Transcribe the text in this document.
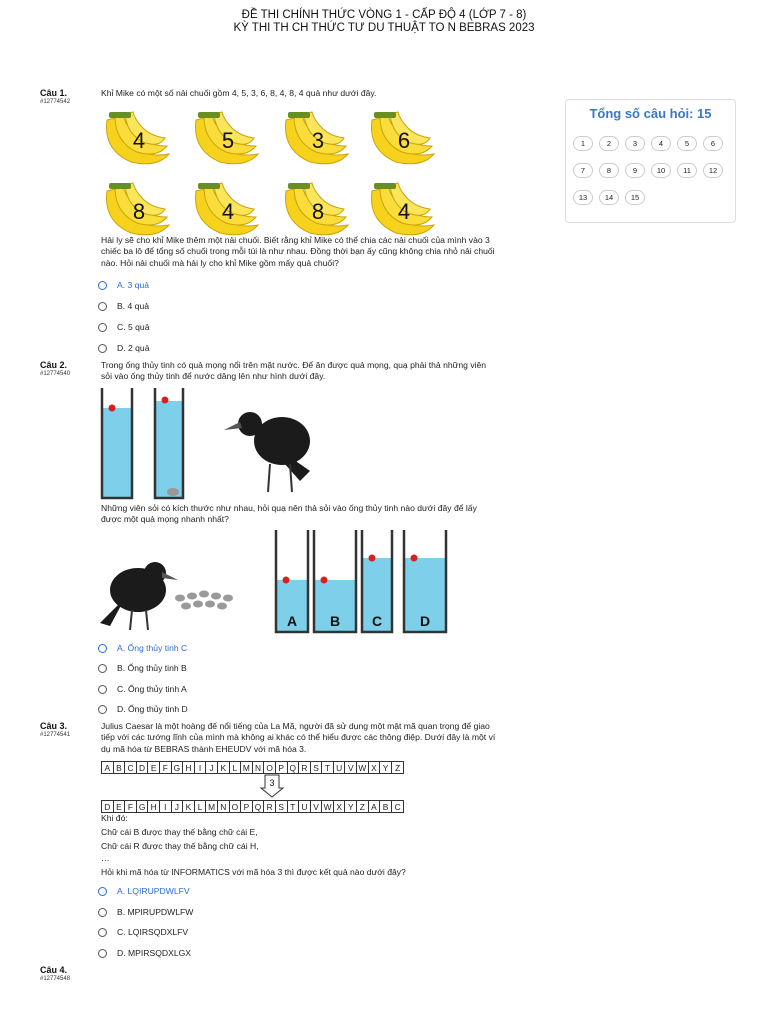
ĐỀ THI CHÍNH THỨC VÒNG 1 - CẤP ĐỘ 4 (LỚP 7 - 8)
KỲ THI TH CH THỨC TƯ DU THUẬT TO N BEBRAS 2023
Tổng số câu hỏi: 15
1	2	3	4	5	6
7	8	9	10	11	12
13	14	15
Câu 1.
#12774542
Khỉ Mike có một số nải chuối gồm 4, 5, 3, 6, 8, 4, 8, 4 quả như dưới đây.
4	5	3	6
8	4	8	4
Hải ly sẽ cho khỉ Mike thêm một nải chuối. Biết rằng khỉ Mike có thể chia các nải chuối của mình vào 3 chiếc ba lô để tổng số chuối trong mỗi túi là như nhau. Đồng thời bạn ấy cũng không chia nhỏ nải chuối nào. Hỏi nải chuối mà hải ly cho khỉ Mike gồm mấy quả chuối?
A. 3 quả
B. 4 quả
C. 5 quả
D. 2 quả
Câu 2.
#12774540
Trong ống thủy tinh có quả mọng nổi trên mặt nước. Để ăn được quả mọng, quạ phải thả những viên sỏi vào ống thủy tinh để nước dâng lên như hình dưới đây.
Những viên sỏi có kích thước như nhau, hỏi quạ nên thả sỏi vào ống thủy tinh nào dưới đây để lấy được một quả mọng nhanh nhất?
A B C	D
A. Ống thủy tinh C
B. Ống thủy tinh B
C. Ống thủy tinh A
D. Ống thủy tinh D
Câu 3.
#12774541
Julius Caesar là một hoàng đế nổi tiếng của La Mã, người đã sử dụng một mật mã quan trọng để giao tiếp với các tướng lĩnh của mình mà không ai khác có thể hiểu được các thông điệp. Dưới đây là một ví dụ mã hóa từ BEBRAS thành EHEUDV với mã hóa 3.
A B C D E F G H I J K L M N O P Q R S T U V W X Y Z
3
D E F G H I J K L M N O P Q R S T U V W X Y Z A B C
Khi đó:
Chữ cái B được thay thế bằng chữ cái E,
Chữ cái R được thay thế bằng chữ cái H,
…
Hỏi khi mã hóa từ INFORMATICS với mã hóa 3 thì được kết quả nào dưới đây?
A. LQIRUPDWLFV
B. MPIRUPDWLFW
C. LQIRSQDXLFV
D. MPIRSQDXLGX
Câu 4.
#12774548
